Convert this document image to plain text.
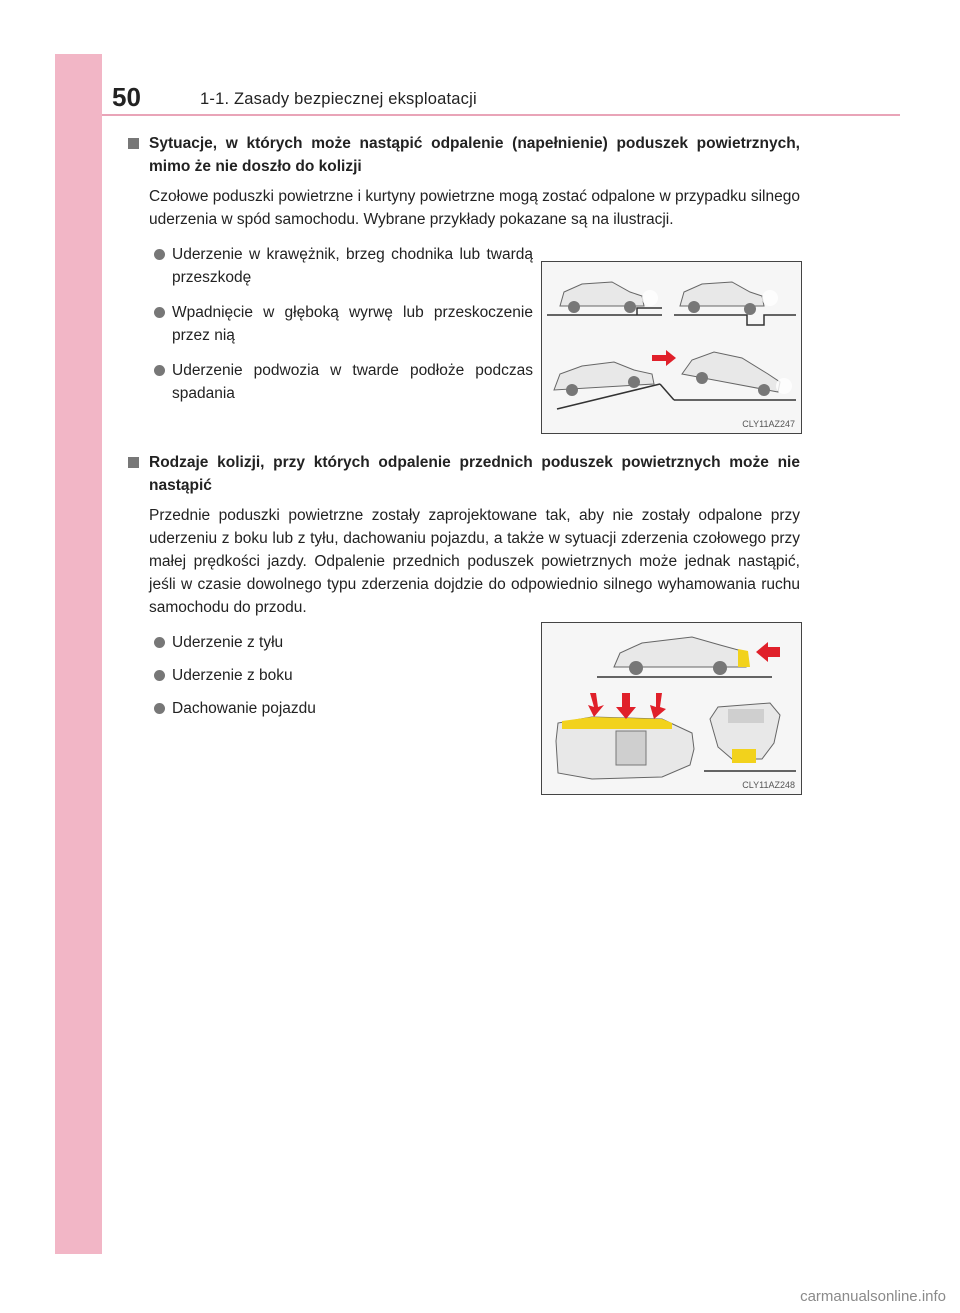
50	1-1. Zasady bezpiecznej eksploatacji
Sytuacje, w których może nastąpić odpalenie (napełnienie) poduszek powietrznych, mimo że nie doszło do kolizji
Czołowe poduszki powietrzne i kurtyny powietrzne mogą zostać odpalone w przypadku silnego uderzenia w spód samochodu. Wybrane przykłady pokazane są na ilustracji.
Uderzenie w krawężnik, brzeg chodnika lub twardą przeszkodę
Wpadnięcie w głęboką wyrwę lub przeskoczenie przez nią
Uderzenie podwozia w twarde podłoże podczas spadania
Rodzaje kolizji, przy których odpalenie przednich poduszek powietrznych może nie nastąpić
Przednie poduszki powietrzne zostały zaprojektowane tak, aby nie zostały odpalone przy uderzeniu z boku lub z tyłu, dachowaniu pojazdu, a także w sytuacji zderzenia czołowego przy małej prędkości jazdy. Odpalenie przednich poduszek powietrznych może jednak nastąpić, jeśli w czasie dowolnego typu zderzenia dojdzie do odpowiednio silnego wyhamowania ruchu samochodu do przodu.
Uderzenie z tyłu
Uderzenie z boku
Dachowanie pojazdu
CLY11AZ247
CLY11AZ248
carmanualsonline.info
